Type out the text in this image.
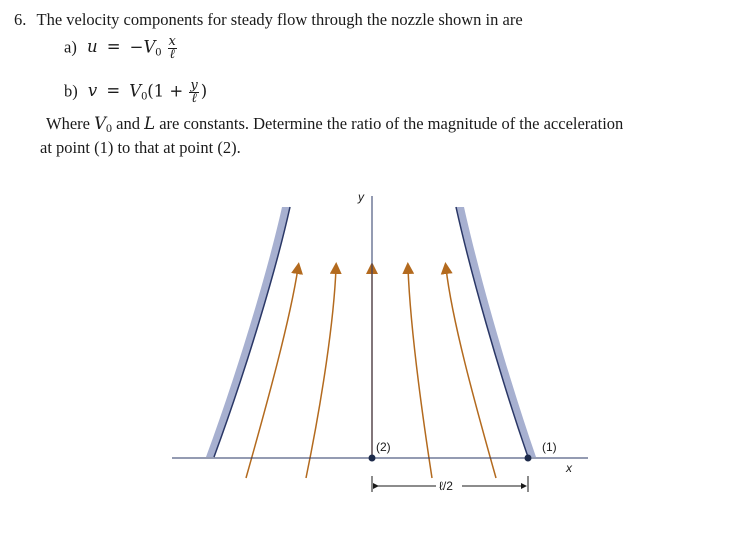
6. The velocity components for steady flow through the nozzle shown in are
a) $u = -V_0 \frac{x}{\text{ℓ}}$
b) $v = V_0(1 + \frac{y}{\text{ℓ}}$ )
Where $V_0$ and L are constants. Determine the ratio of the magnitude of the acceleration
at point (1) to that at point (2).
y
x
(2)	(1)
ℓ/2
